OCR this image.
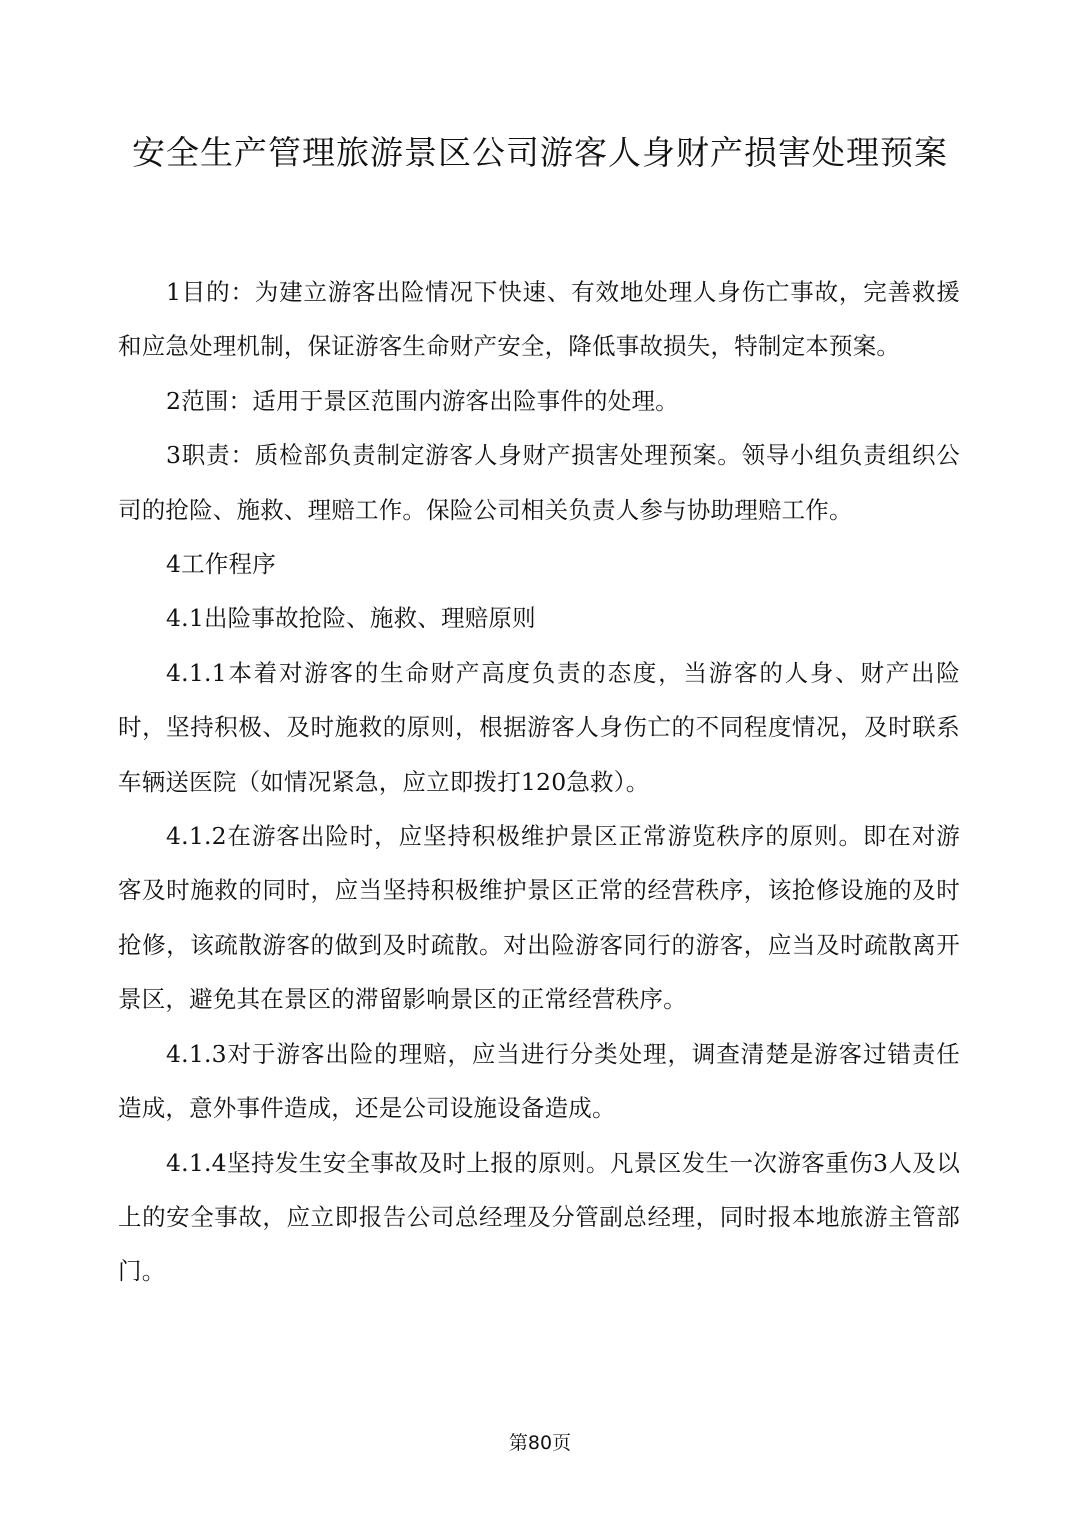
安全生产管理旅游景区公司游客人身财产损害处理预案

1目的：为建立游客出险情况下快速、有效地处理人身伤亡事故，完善救援和应急处理机制，保证游客生命财产安全，降低事故损失，特制定本预案。

2范围：适用于景区范围内游客出险事件的处理。

3职责：质检部负责制定游客人身财产损害处理预案。领导小组负责组织公司的抢险、施救、理赔工作。保险公司相关负责人参与协助理赔工作。

4工作程序

4.1出险事故抢险、施救、理赔原则

4.1.1本着对游客的生命财产高度负责的态度，当游客的人身、财产出险时，坚持积极、及时施救的原则，根据游客人身伤亡的不同程度情况，及时联系车辆送医院（如情况紧急，应立即拨打120急救）。

4.1.2在游客出险时，应坚持积极维护景区正常游览秩序的原则。即在对游客及时施救的同时，应当坚持积极维护景区正常的经营秩序，该抢修设施的及时抢修，该疏散游客的做到及时疏散。对出险游客同行的游客，应当及时疏散离开景区，避免其在景区的滞留影响景区的正常经营秩序。

4.1.3对于游客出险的理赔，应当进行分类处理，调查清楚是游客过错责任造成，意外事件造成，还是公司设施设备造成。

4.1.4坚持发生安全事故及时上报的原则。凡景区发生一次游客重伤3人及以上的安全事故，应立即报告公司总经理及分管副总经理，同时报本地旅游主管部门。

第80页
